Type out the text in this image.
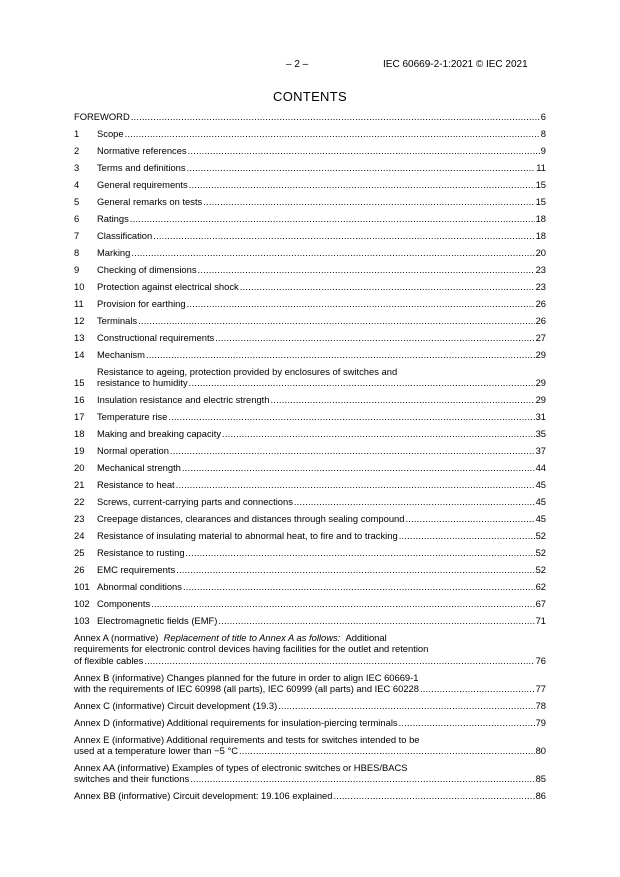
– 2 –	IEC 60669-2-1:2021 © IEC 2021
CONTENTS
FOREWORD .....	6
1	Scope .....	8
2	Normative references .....	9
3	Terms and definitions .....	11
4	General requirements .....	15
5	General remarks on tests .....	15
6	Ratings .....	18
7	Classification .....	18
8	Marking .....	20
9	Checking of dimensions .....	23
10	Protection against electrical shock .....	23
11	Provision for earthing .....	26
12	Terminals .....	26
13	Constructional requirements .....	27
14	Mechanism .....	29
15
Resistance to ageing, protection provided by enclosures of switches and
resistance to humidity .....	29
16	Insulation resistance and electric strength .....	29
17	Temperature rise .....	31
18	Making and breaking capacity .....	35
19	Normal operation .....	37
20	Mechanical strength .....	44
21	Resistance to heat .....	45
22	Screws, current-carrying parts and connections .....	45
23	Creepage distances, clearances and distances through sealing compound .....	45
24	Resistance of insulating material to abnormal heat, to fire and to tracking .....	52
25	Resistance to rusting .....	52
26	EMC requirements .....	52
101 Abnormal conditions .....	62
102 Components .....	67
103 Electromagnetic fields (EMF) .....	71
Annex A (normative) Replacement of title to Annex A as follows: Additional
requirements for electronic control devices having facilities for the outlet and retention
of flexible cables .....	76
Annex B (informative) Changes planned for the future in order to align IEC 60669-1
with the requirements of IEC 60998 (all parts), IEC 60999 (all parts) and IEC 60228 .....	77
Annex C (informative) Circuit development (19.3) .....	78
Annex D (informative) Additional requirements for insulation-piercing terminals .....	79
Annex E (informative) Additional requirements and tests for switches intended to be
used at a temperature lower than −5 °C .....	80
Annex AA (informative) Examples of types of electronic switches or HBES/BACS
switches and their functions .....	85
Annex BB (informative) Circuit development: 19.106 explained .....	86
